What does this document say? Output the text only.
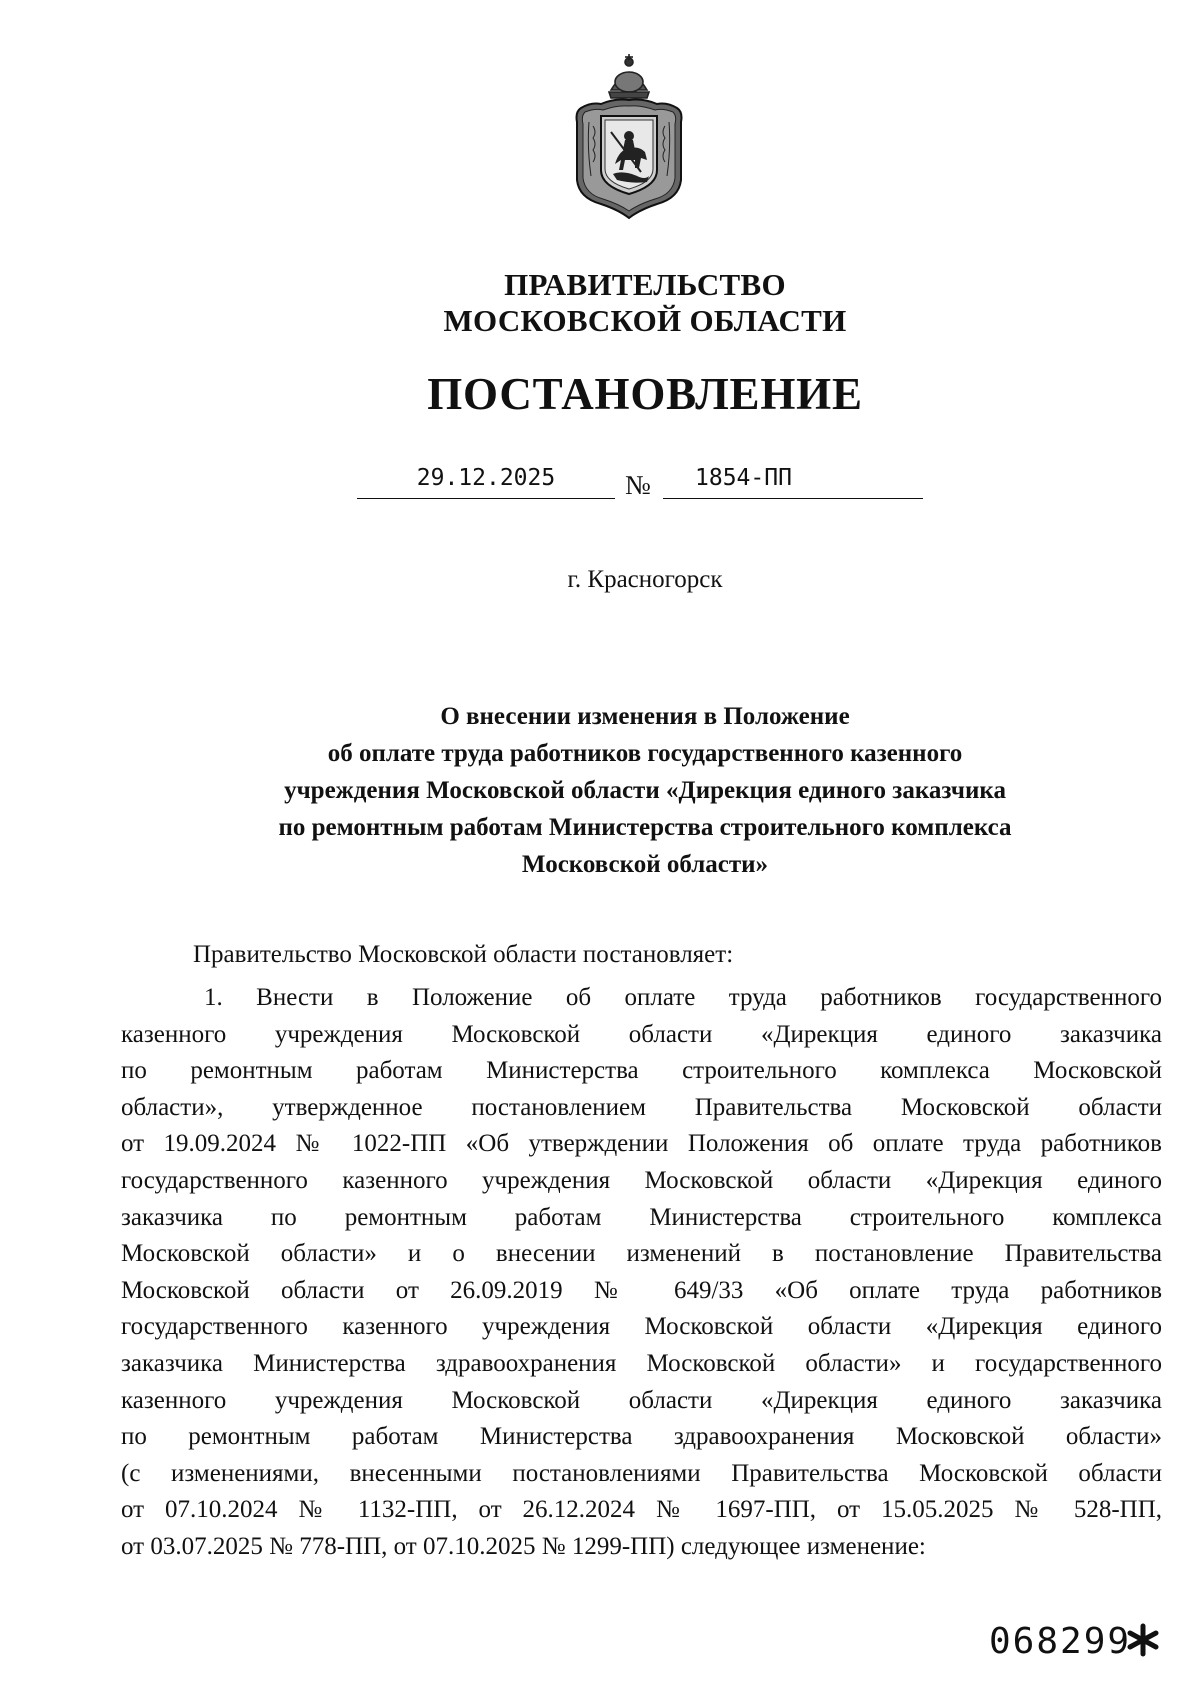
ПРАВИТЕЛЬСТВО
МОСКОВСКОЙ ОБЛАСТИ
ПОСТАНОВЛЕНИЕ
29.12.2025	№ 1854-ПП
г. Красногорск
О внесении изменения в Положение
об оплате труда работников государственного казенного
учреждения Московской области «Дирекция единого заказчика
по ремонтным работам Министерства строительного комплекса
Московской области»
Правительство Московской области постановляет:
1. Внести в Положение об оплате труда работников государственного
казенного учреждения Московской области «Дирекция единого заказчика
по ремонтным работам Министерства строительного комплекса Московской
области», утвержденное постановлением Правительства Московской области
от 19.09.2024 № 1022-ПП «Об утверждении Положения об оплате труда работников
государственного казенного учреждения Московской области «Дирекция единого
заказчика по ремонтным работам Министерства строительного комплекса
Московской области» и о внесении изменений в постановление Правительства
Московской области от 26.09.2019 № 649/33 «Об оплате труда работников
государственного казенного учреждения Московской области «Дирекция единого
заказчика Министерства здравоохранения Московской области» и государственного
казенного учреждения Московской области «Дирекция единого заказчика
по ремонтным работам Министерства здравоохранения Московской области»
(с изменениями, внесенными постановлениями Правительства Московской области
от 07.10.2024 № 1132-ПП, от 26.12.2024 № 1697-ПП, от 15.05.2025 № 528-ПП,
от 03.07.2025 № 778-ПП, от 07.10.2025 № 1299-ПП) следующее изменение:
068299
